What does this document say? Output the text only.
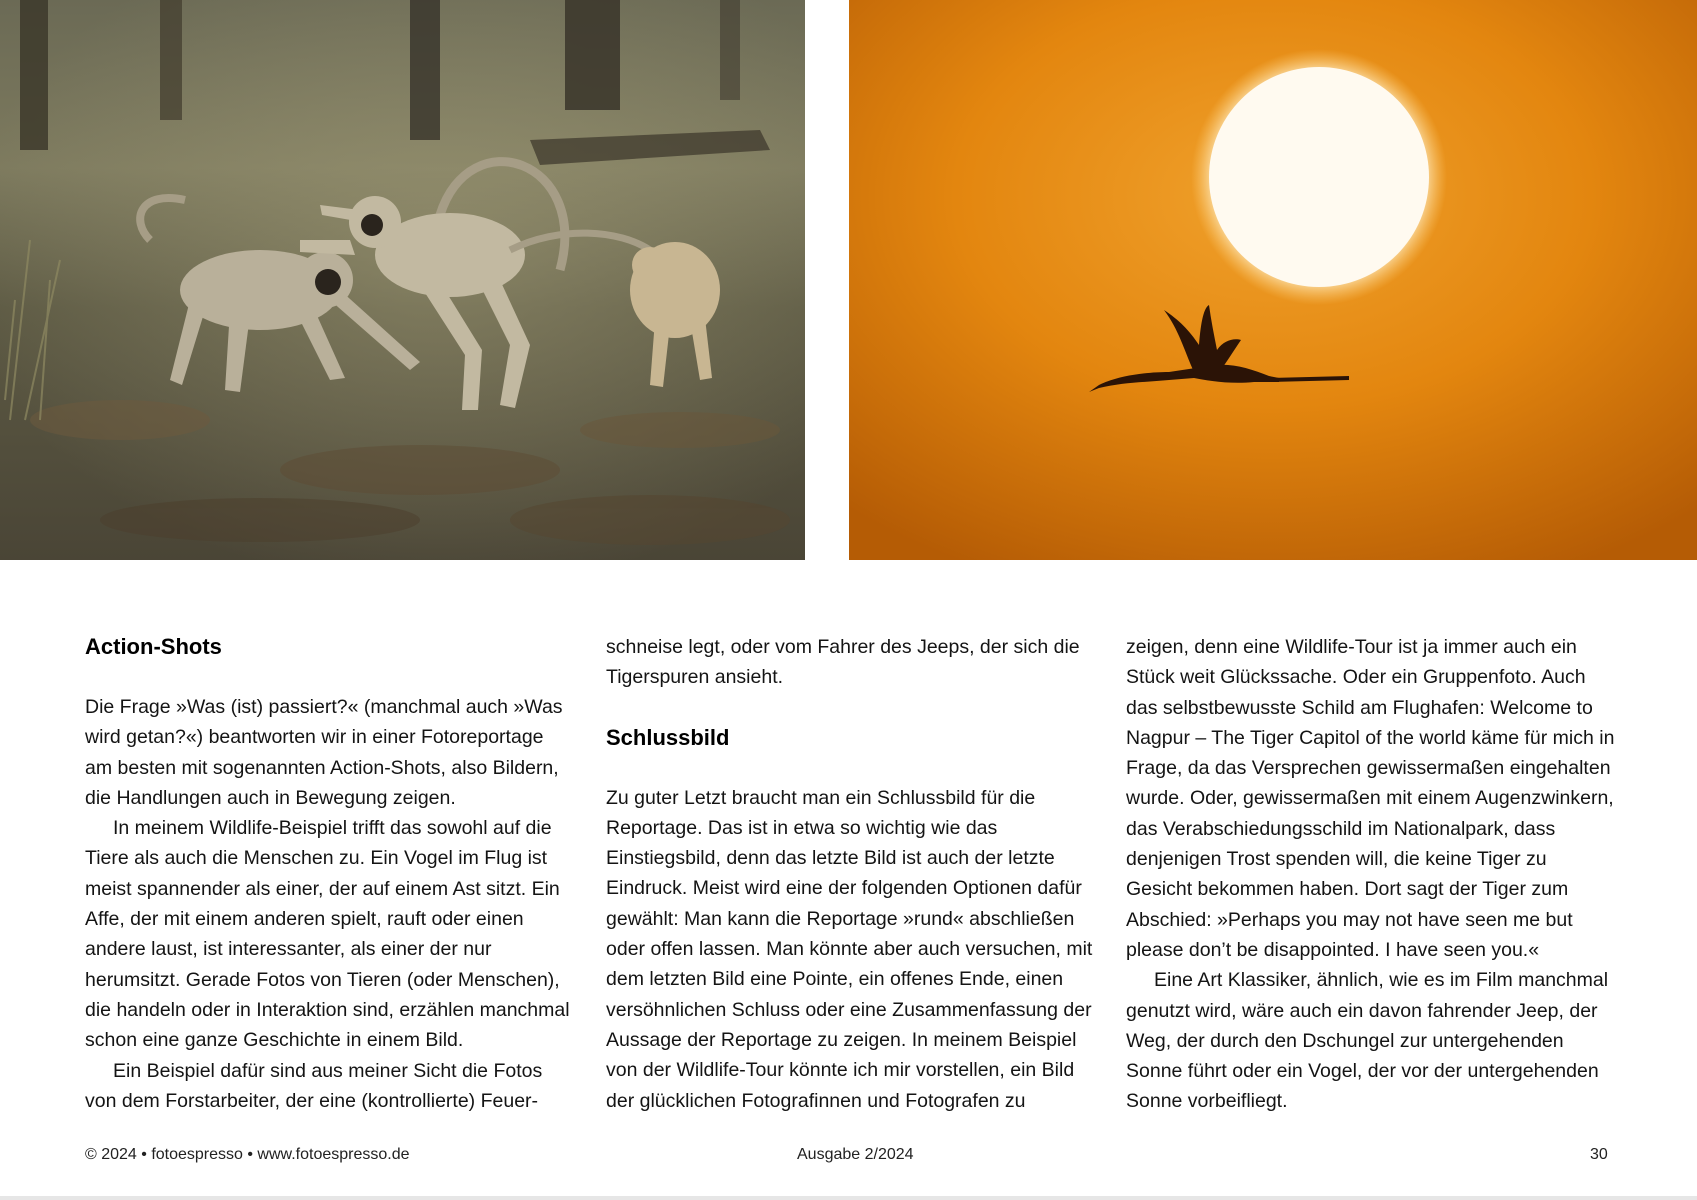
Action-Shots

Die Frage »Was (ist) passiert?« (manchmal auch »Was wird getan?«) beantworten wir in einer Fotoreportage am besten mit sogenannten Action-Shots, also Bildern, die Handlungen auch in Bewegung zeigen.

In meinem Wildlife-Beispiel trifft das sowohl auf die Tiere als auch die Menschen zu. Ein Vogel im Flug ist meist spannender als einer, der auf einem Ast sitzt. Ein Affe, der mit einem anderen spielt, rauft oder einen andere laust, ist interessanter, als einer der nur herumsitzt. Gerade Fotos von Tieren (oder Menschen), die handeln oder in Interaktion sind, erzählen manchmal schon eine ganze Geschichte in einem Bild.

Ein Beispiel dafür sind aus meiner Sicht die Fotos von dem Forstarbeiter, der eine (kontrollierte) Feuer-

schneise legt, oder vom Fahrer des Jeeps, der sich die Tigerspuren ansieht.

Schlussbild

Zu guter Letzt braucht man ein Schlussbild für die Reportage. Das ist in etwa so wichtig wie das Einstiegsbild, denn das letzte Bild ist auch der letzte Eindruck. Meist wird eine der folgenden Optionen dafür gewählt: Man kann die Reportage »rund« abschließen oder offen lassen. Man könnte aber auch versuchen, mit dem letzten Bild eine Pointe, ein offenes Ende, einen versöhnlichen Schluss oder eine Zusammenfassung der Aussage der Reportage zu zeigen. In meinem Beispiel von der Wildlife-Tour könnte ich mir vorstellen, ein Bild der glücklichen Fotografinnen und Fotografen zu

zeigen, denn eine Wildlife-Tour ist ja immer auch ein Stück weit Glückssache. Oder ein Gruppenfoto. Auch das selbstbewusste Schild am Flughafen: Welcome to Nagpur – The Tiger Capitol of the world käme für mich in Frage, da das Versprechen gewissermaßen eingehalten wurde. Oder, gewissermaßen mit einem Augenzwinkern, das Verabschiedungsschild im Nationalpark, dass denjenigen Trost spenden will, die keine Tiger zu Gesicht bekommen haben. Dort sagt der Tiger zum Abschied: »Perhaps you may not have seen me but please don’t be disappointed. I have seen you.«

Eine Art Klassiker, ähnlich, wie es im Film manchmal genutzt wird, wäre auch ein davon fahrender Jeep, der Weg, der durch den Dschungel zur untergehenden Sonne führt oder ein Vogel, der vor der untergehenden Sonne vorbeifliegt.

© 2024 • fotoespresso • www.fotoespresso.de	Ausgabe 2/2024	30
